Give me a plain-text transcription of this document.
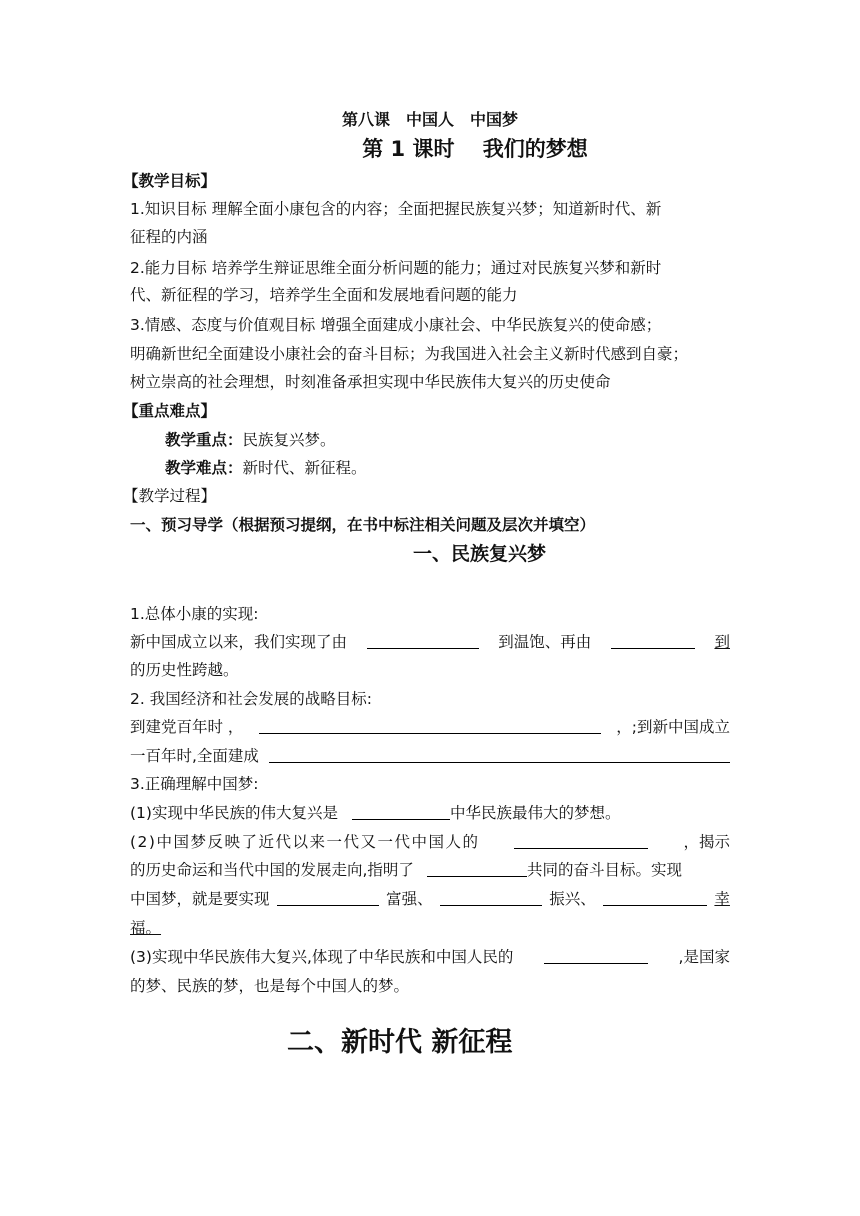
第八课　中国人　中国梦
第 1 课时　 我们的梦想
【教学目标】
1.知识目标 理解全面小康包含的内容；全面把握民族复兴梦；知道新时代、新
征程的内涵
2.能力目标 培养学生辩证思维全面分析问题的能力；通过对民族复兴梦和新时
代、新征程的学习，培养学生全面和发展地看问题的能力
3.情感、态度与价值观目标 增强全面建成小康社会、中华民族复兴的使命感；
明确新世纪全面建设小康社会的奋斗目标；为我国进入社会主义新时代感到自豪；
树立崇高的社会理想，时刻准备承担实现中华民族伟大复兴的历史使命
【重点难点】
教学重点：民族复兴梦。
教学难点：新时代、新征程。
【教学过程】
一、预习导学（根据预习提纲，在书中标注相关问题及层次并填空）
一、民族复兴梦
1.总体小康的实现:
新中国成立以来，我们实现了由	到温饱、再由	到
的历史性跨越。
2. 我国经济和社会发展的战略目标:
到建党百年时 ，	，;到新中国成立
一百年时,全面建成
3.正确理解中国梦:
(1)实现中华民族的伟大复兴是	中华民族最伟大的梦想。
(2)中国梦反映了近代以来一代又一代中国人的	，揭示
的历史命运和当代中国的发展走向,指明了	共同的奋斗目标。实现
中国梦，就是要实现	富强、	振兴、	幸
福。
(3)实现中华民族伟大复兴,体现了中华民族和中国人民的	,是国家
的梦、民族的梦，也是每个中国人的梦。
二、新时代 新征程
